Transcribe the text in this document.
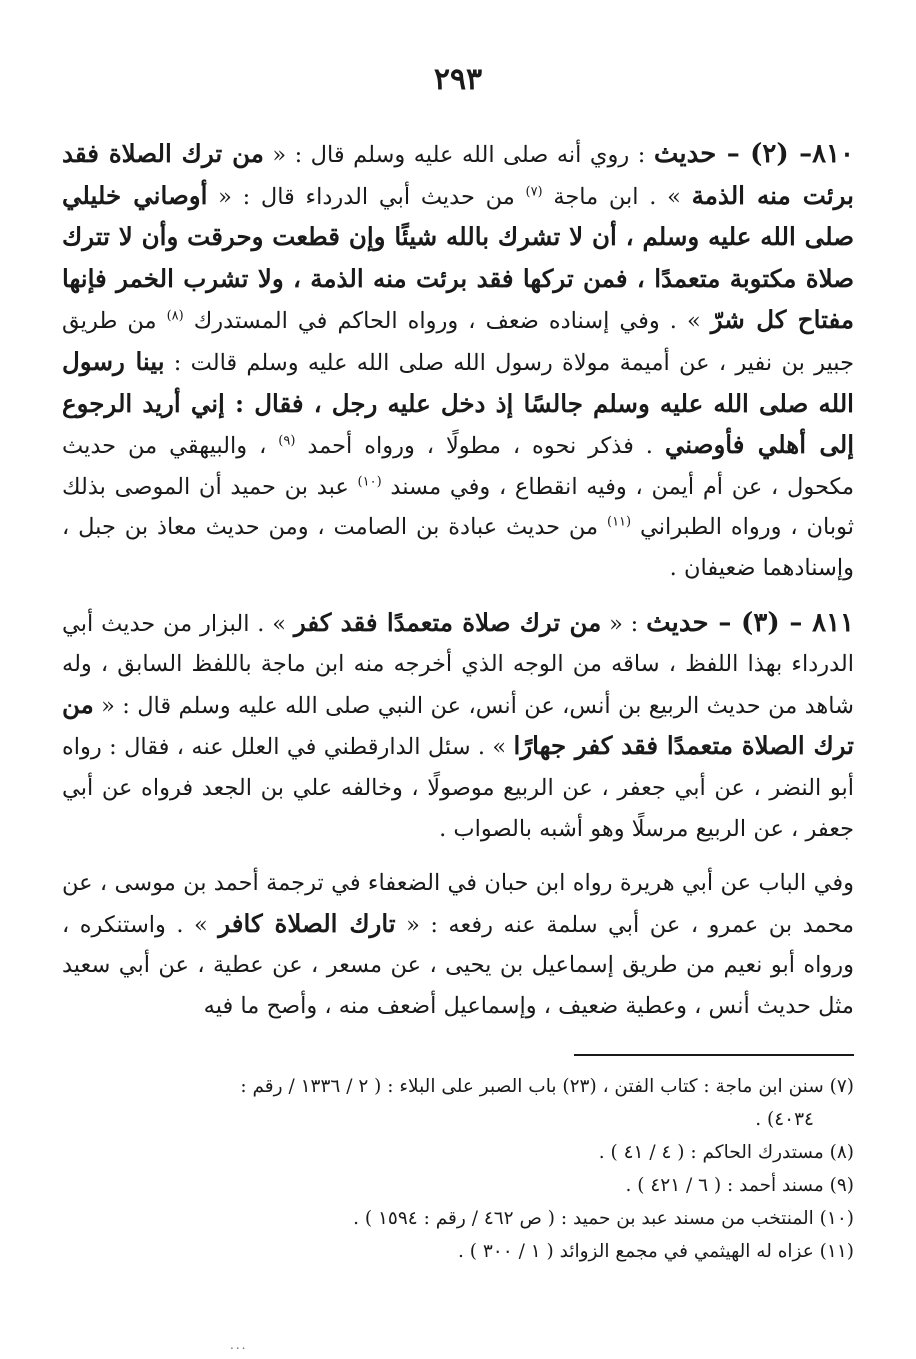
٢٩٣

٨١٠– (٢) – حديث : روي أنه صلى الله عليه وسلم قال : « من ترك الصلاة فقد برئت منه الذمة » . ابن ماجة $^{(٧)}$ من حديث أبي الدرداء قال : « أوصاني خليلي صلى الله عليه وسلم ، أن لا تشرك بالله شيئًا وإن قطعت وحرقت وأن لا تترك صلاة مكتوبة متعمدًا ، فمن تركها فقد برئت منه الذمة ، ولا تشرب الخمر فإنها مفتاح كل شرّ » . وفي إسناده ضعف ، ورواه الحاكم في المستدرك $^{(٨)}$ من طريق جبير بن نفير ، عن أميمة مولاة رسول الله صلى الله عليه وسلم قالت : بينا رسول الله صلى الله عليه وسلم جالسًا إذ دخل عليه رجل ، فقال : إني أريد الرجوع إلى أهلي فأوصني . فذكر نحوه ، مطولًا ، ورواه أحمد $^{(٩)}$ ، والبيهقي من حديث مكحول ، عن أم أيمن ، وفيه انقطاع ، وفي مسند $^{(١٠)}$ عبد بن حميد أن الموصى بذلك ثوبان ، ورواه الطبراني $^{(١١)}$ من حديث عبادة بن الصامت ، ومن حديث معاذ بن جبل ، وإسنادهما ضعيفان .

٨١١ – (٣) – حديث : « من ترك صلاة متعمدًا فقد كفر » . البزار من حديث أبي الدرداء بهذا اللفظ ، ساقه من الوجه الذي أخرجه منه ابن ماجة باللفظ السابق ، وله شاهد من حديث الربيع بن أنس، عن أنس، عن النبي صلى الله عليه وسلم قال : « من ترك الصلاة متعمدًا فقد كفر جهارًا » . سئل الدارقطني في العلل عنه ، فقال : رواه أبو النضر ، عن أبي جعفر ، عن الربيع موصولًا ، وخالفه علي بن الجعد فرواه عن أبي جعفر ، عن الربيع مرسلًا وهو أشبه بالصواب .

وفي الباب عن أبي هريرة رواه ابن حبان في الضعفاء في ترجمة أحمد بن موسى ، عن محمد بن عمرو ، عن أبي سلمة عنه رفعه : « تارك الصلاة كافر » . واستنكره ، ورواه أبو نعيم من طريق إسماعيل بن يحيى ، عن مسعر ، عن عطية ، عن أبي سعيد مثل حديث أنس ، وعطية ضعيف ، وإسماعيل أضعف منه ، وأصح ما فيه

(٧) سنن ابن ماجة : كتاب الفتن ، (٢٣) باب الصبر على البلاء : ( ٢ / ١٣٣٦ / رقم :
٤٠٣٤) .

(٨) مستدرك الحاكم : ( ٤ / ٤١ ) .

(٩) مسند أحمد : ( ٦ / ٤٢١ ) .

(١٠) المنتخب من مسند عبد بن حميد : ( ص ٤٦٢ / رقم : ١٥٩٤ ) .

(١١) عزاه له الهيثمي في مجمع الزوائد ( ١ / ٣٠٠ ) .

...
